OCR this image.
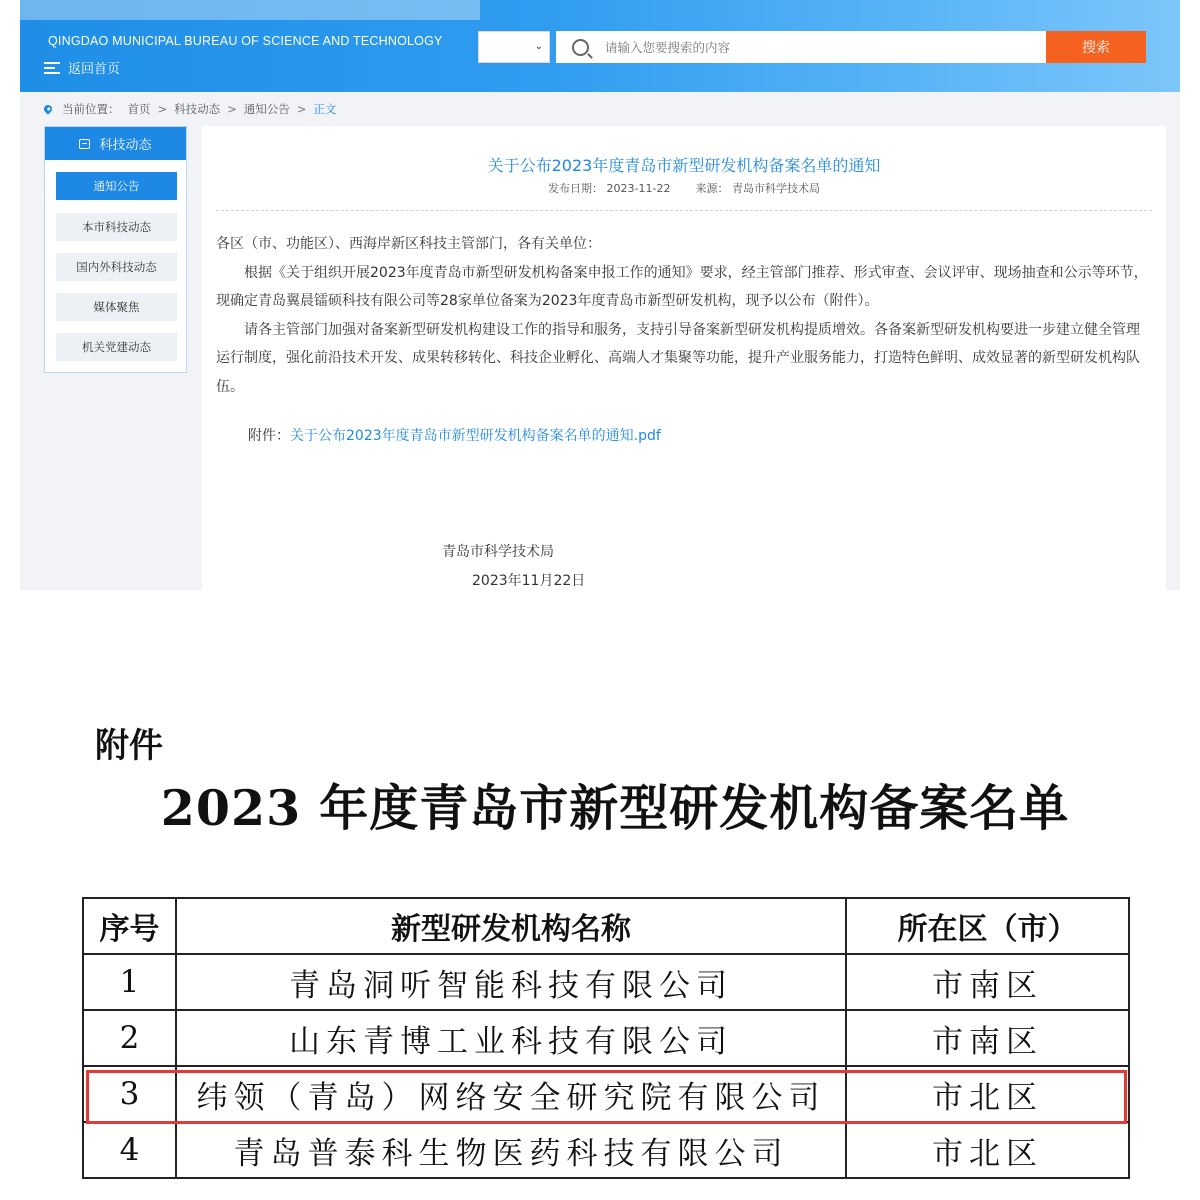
QINGDAO MUNICIPAL BUREAU OF SCIENCE AND TECHNOLOGY
返回首页
⌄
请输入您要搜索的内容	搜索
当前位置： 首页 > 科技动态 > 通知公告 > 正文
科技动态
通知公告
本市科技动态
国内外科技动态
媒体聚焦
机关党建动态
关于公布2023年度青岛市新型研发机构备案名单的通知
发布日期： 2023-11-22 来源： 青岛市科学技术局

各区（市、功能区）、西海岸新区科技主管部门，各有关单位：

根据《关于组织开展2023年度青岛市新型研发机构备案申报工作的通知》要求，经主管部门推荐、形式审查、会议评审、现场抽查和公示等环节，现确定青岛翼晨镭硕科技有限公司等28家单位备案为2023年度青岛市新型研发机构，现予以公布（附件）。

请各主管部门加强对备案新型研发机构建设工作的指导和服务，支持引导备案新型研发机构提质增效。各备案新型研发机构要进一步建立健全管理运行制度，强化前沿技术开发、成果转移转化、科技企业孵化、高端人才集聚等功能，提升产业服务能力，打造特色鲜明、成效显著的新型研发机构队伍。

附件：关于公布2023年度青岛市新型研发机构备案名单的通知.pdf
青岛市科学技术局
2023年11月22日
附件
2023 年度青岛市新型研发机构备案名单
序号	新型研发机构名称	所在区（市）
1	青岛洞听智能科技有限公司	市南区
2	山东青博工业科技有限公司	市南区
3	纬领（青岛）网络安全研究院有限公司	市北区
4	青岛普泰科生物医药科技有限公司	市北区
